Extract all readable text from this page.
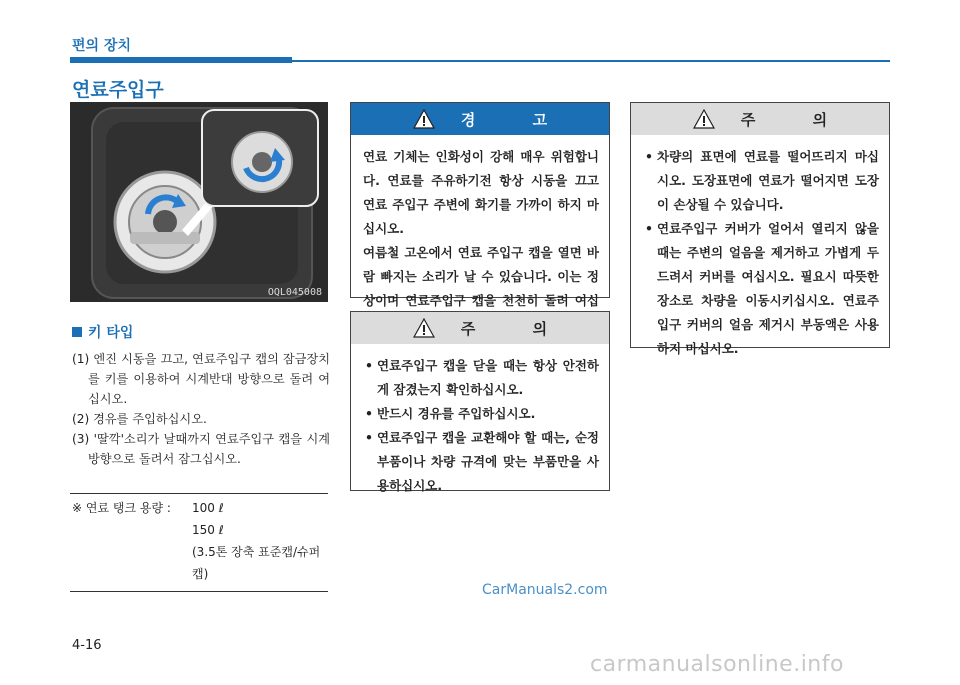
편의 장치
연료주입구
OQL045008
키 타입
(1) 엔진 시동을 끄고, 연료주입구 캡의 잠금장치를 키를 이용하여 시계반대 방향으로 돌려 여십시오.
(2) 경유를 주입하십시오.
(3) '딸깍'소리가 날때까지 연료주입구 캡을 시계 방향으로 돌려서 잠그십시오.
※ 연료 탱크 용량 :	100 ℓ
150 ℓ
(3.5톤 장축 표준캡/슈퍼캡)
경 고
연료 기체는 인화성이 강해 매우 위험합니다. 연료를 주유하기전 항상 시동을 끄고 연료 주입구 주변에 화기를 가까이 하지 마십시오.
여름철 고온에서 연료 주입구 캡을 열면 바람 빠지는 소리가 날 수 있습니다. 이는 정상이며 연료주입구 캡을 천천히 돌려 여십
주 의
• 연료주입구 캡을 닫을 때는 항상 안전하게 잠겼는지 확인하십시오.
• 반드시 경유를 주입하십시오.
• 연료주입구 캡을 교환해야 할 때는, 순정 부품이나 차량 규격에 맞는 부품만을 사용하십시오.
주 의
• 차량의 표면에 연료를 떨어뜨리지 마십시오. 도장표면에 연료가 떨어지면 도장이 손상될 수 있습니다.
• 연료주입구 커버가 얼어서 열리지 않을 때는 주변의 얼음을 제거하고 가볍게 두드려서 커버를 여십시오. 필요시 따뜻한 장소로 차량을 이동시키십시오. 연료주입구 커버의 얼음 제거시 부동액은 사용하지 마십시오.
CarManuals2.com
4-16
carmanualsonline.info
